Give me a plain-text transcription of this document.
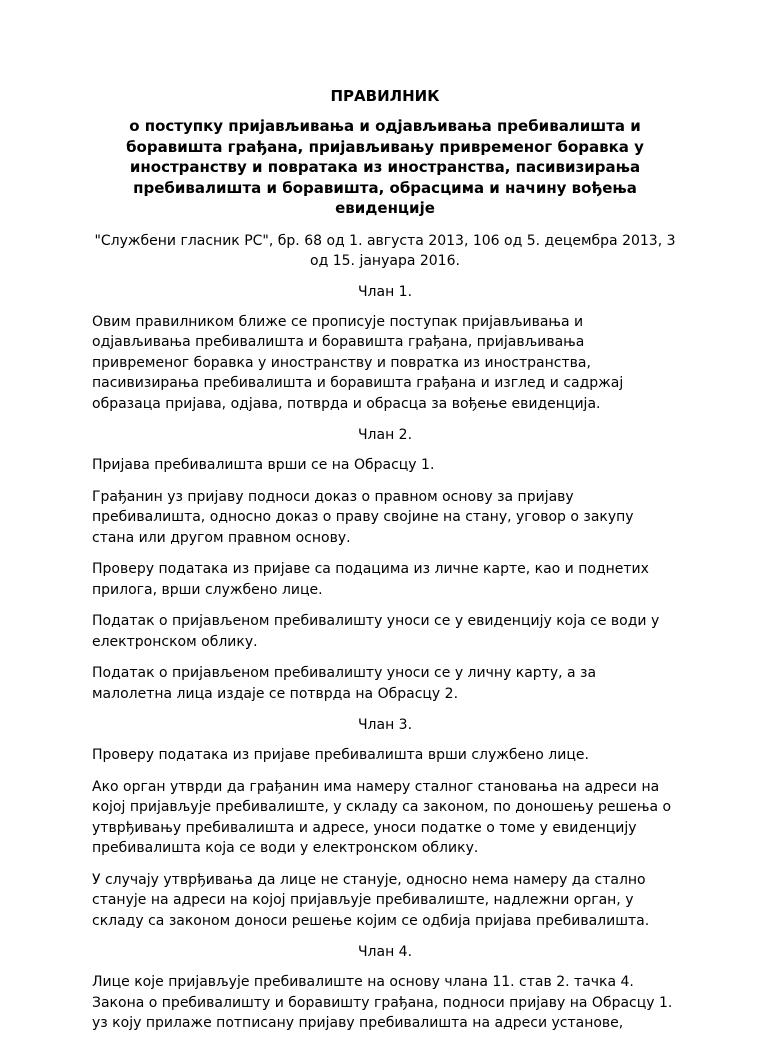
ПРАВИЛНИК
о поступку пријављивања и одјављивања пребивалишта и боравишта грађана, пријављивању привременог боравка у иностранству и повратака из иностранства, пасивизирања пребивалишта и боравишта, обрасцима и начину вођења евиденције
"Службени гласник РС", бр. 68 од 1. августа 2013, 106 од 5. децембра 2013, 3 од 15. јануара 2016.
Члан 1.
Овим правилником ближе се прописује поступак пријављивања и одјављивања пребивалишта и боравишта грађана, пријављивања привременог боравка у иностранству и повратка из иностранства, пасивизирања пребивалишта и боравишта грађана и изглед и садржај образаца пријава, одјава, потврда и обрасца за вођење евиденција.
Члан 2.
Пријава пребивалишта врши се на Обрасцу 1.
Грађанин уз пријаву подноси доказ о правном основу за пријаву пребивалишта, односно доказ о праву својине на стану, уговор о закупу стана или другом правном основу.
Проверу података из пријаве са подацима из личне карте, као и поднетих прилога, врши службено лице.
Податак о пријављеном пребивалишту уноси се у евиденцију која се води у електронском облику.
Податак о пријављеном пребивалишту уноси се у личну карту, а за малолетна лица издаје се потврда на Обрасцу 2.
Члан 3.
Проверу података из пријаве пребивалишта врши службено лице.
Ако орган утврди да грађанин има намеру сталног становања на адреси на којој пријављује пребивалиште, у складу са законом, по доношењу решења о утврђивању пребивалишта и адресе, уноси податке о томе у евиденцију пребивалишта која се води у електронском облику.
У случају утврђивања да лице не станује, односно нема намеру да стално станује на адреси на којој пријављује пребивалиште, надлежни орган, у складу са законом доноси решење којим се одбија пријава пребивалишта.
Члан 4.
Лице које пријављује пребивалиште на основу члана 11. став 2. тачка 4. Закона о пребивалишту и боравишту грађана, подноси пријаву на Обрасцу 1. уз коју прилаже потписану пријаву пребивалишта на адреси установе,
